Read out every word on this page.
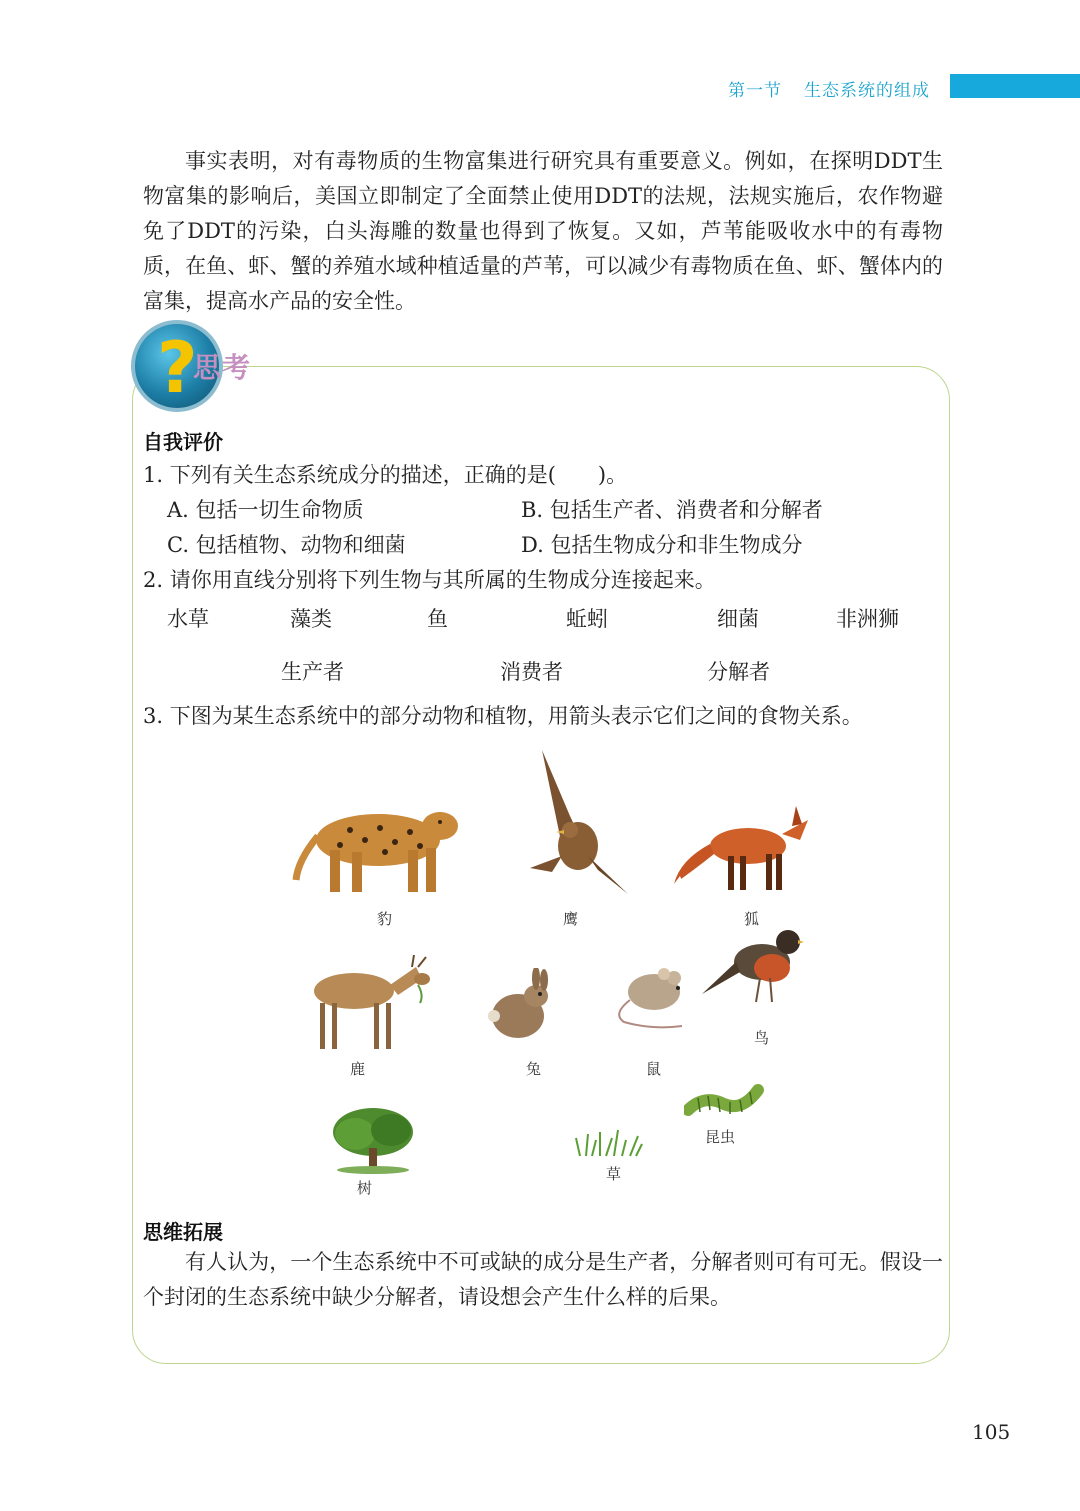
第一节 生态系统的组成

事实表明，对有毒物质的生物富集进行研究具有重要意义。例如，在探明DDT生物富集的影响后，美国立即制定了全面禁止使用DDT的法规，法规实施后，农作物避免了DDT的污染，白头海雕的数量也得到了恢复。又如，芦苇能吸收水中的有毒物质，在鱼、虾、蟹的养殖水域种植适量的芦苇，可以减少有毒物质在鱼、虾、蟹体内的富集，提高水产品的安全性。

?
思考
自我评价
1. 下列有关生态系统成分的描述，正确的是(　　)。
A. 包括一切生命物质	B. 包括生产者、消费者和分解者
C. 包括植物、动物和细菌	D. 包括生物成分和非生物成分
2. 请你用直线分别将下列生物与其所属的生物成分连接起来。
水草	藻类	鱼	蚯蚓	细菌	非洲狮
生产者	消费者	分解者
3. 下图为某生态系统中的部分动物和植物，用箭头表示它们之间的食物关系。
豹	鹰	狐
鹿	兔	鼠
鸟
树
草
昆虫
思维拓展

有人认为，一个生态系统中不可或缺的成分是生产者，分解者则可有可无。假设一个封闭的生态系统中缺少分解者，请设想会产生什么样的后果。

105
